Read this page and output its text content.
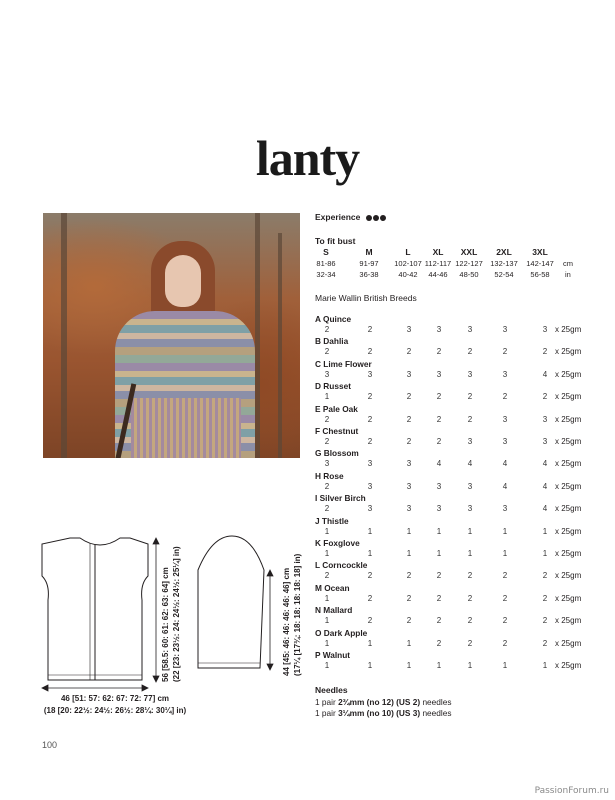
lanty
Experience
To fit bust
S	M	L	XL	XXL	2XL	3XL
81-86	91-97	102-107 112-117 122-127 132-137	142-147	cm
32-34	36-38	40-42	44-46	48-50	52-54	56-58	in
Marie Wallin British Breeds
A Quince
2	2	3	3	3	3	3 x 25gm
B Dahlia
2	2	2	2	2	2	2 x 25gm
C Lime Flower
3	3	3	3	3	3	4 x 25gm
D Russet
1	2	2	2	2	2	2 x 25gm
E Pale Oak
2	2	2	2	2	3	3 x 25gm
F Chestnut
2	2	2	2	3	3	3 x 25gm
G Blossom
3	3	3	4	4	4	4 x 25gm
H Rose
2	3	3	3	3	4	4 x 25gm
I Silver Birch
2	3	3	3	3	3	4 x 25gm
J Thistle
1	1	1	1	1	1	1 x 25gm
K Foxglove
1	1	1	1	1	1	1 x 25gm
L Corncockle
2	2	2	2	2	2	2 x 25gm
M Ocean
1	2	2	2	2	2	2 x 25gm
N Mallard
1	2	2	2	2	2	2 x 25gm
O Dark Apple
1	1	1	2	2	2	2 x 25gm
P Walnut
1	1	1	1	1	1	1 x 25gm
Needles
1 pair 2¾mm (no 12) (US 2) needles
1 pair 3¼mm (no 10) (US 3) needles
56 [58.5: 60: 61: 62: 63: 64] cm (22 [23: 23½: 24: 24½: 24½: 25¼] in)	44 [45: 46: 46: 46: 46: 46] cm (17¼ [17¾: 18: 18: 18: 18: 18] in)
46 [51: 57: 62: 67: 72: 77] cm
(18 [20: 22½: 24½: 26½: 28¼: 30¼] in)
100
PassionForum.ru
